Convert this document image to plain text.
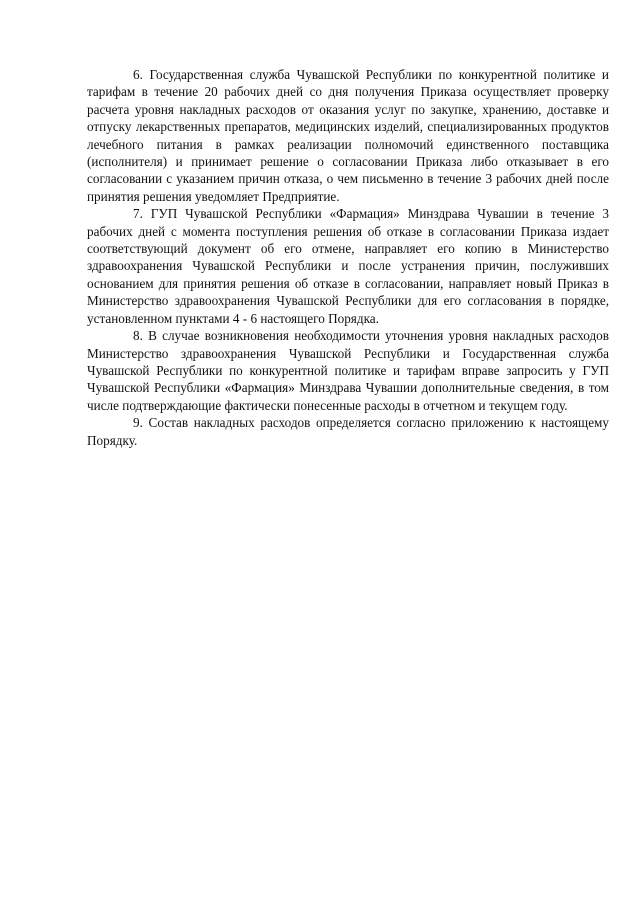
6. Государственная служба Чувашской Республики по конкурентной политике и тарифам в течение 20 рабочих дней со дня получения Приказа осуществляет проверку расчета уровня накладных расходов от оказания услуг по закупке, хранению, доставке и отпуску лекарственных препаратов, медицинских изделий, специализированных продуктов лечебного питания в рамках реализации полномочий единственного поставщика (исполнителя) и принимает решение о согласовании Приказа либо отказывает в его согласовании с указанием причин отказа, о чем письменно в течение 3 рабочих дней после принятия решения уведомляет Предприятие.

7. ГУП Чувашской Республики «Фармация» Минздрава Чувашии в течение 3 рабочих дней с момента поступления решения об отказе в согласовании Приказа издает соответствующий документ об его отмене, направляет его копию в Министерство здравоохранения Чувашской Республики и после устранения причин, послуживших основанием для принятия решения об отказе в согласовании, направляет новый Приказ в Министерство здравоохранения Чувашской Республики для его согласования в порядке, установленном пунктами 4 - 6 настоящего Порядка.

8. В случае возникновения необходимости уточнения уровня накладных расходов Министерство здравоохранения Чувашской Республики и Государственная служба Чувашской Республики по конкурентной политике и тарифам вправе запросить у ГУП Чувашской Республики «Фармация» Минздрава Чувашии дополнительные сведения, в том числе подтверждающие фактически понесенные расходы в отчетном и текущем году.

9. Состав накладных расходов определяется согласно приложению к настоящему Порядку.
